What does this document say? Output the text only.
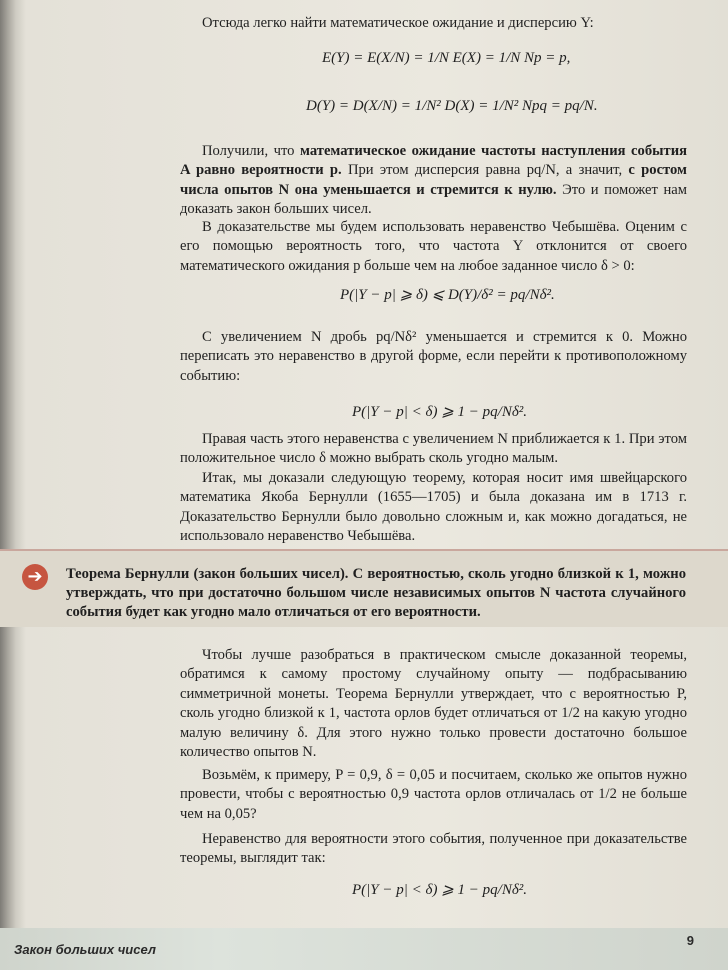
Отсюда легко найти математическое ожидание и дисперсию Y:
E(Y) = E(X/N) = 1/N E(X) = 1/N Np = p,
D(Y) = D(X/N) = 1/N² D(X) = 1/N² Npq = pq/N.
Получили, что математическое ожидание частоты наступления события A равно вероятности p. При этом дисперсия равна pq/N, а значит, с ростом числа опытов N она уменьшается и стремится к нулю. Это и поможет нам доказать закон больших чисел.
В доказательстве мы будем использовать неравенство Чебышёва. Оценим с его помощью вероятность того, что частота Y отклонится от своего математического ожидания p больше чем на любое заданное число δ > 0:
P(|Y − p| ⩾ δ) ⩽ D(Y)/δ² = pq/Nδ².
С увеличением N дробь pq/Nδ² уменьшается и стремится к 0. Можно переписать это неравенство в другой форме, если перейти к противоположному событию:
P(|Y − p| < δ) ⩾ 1 − pq/Nδ².
Правая часть этого неравенства с увеличением N приближается к 1. При этом положительное число δ можно выбрать сколь угодно малым.
Итак, мы доказали следующую теорему, которая носит имя швейцарского математика Якоба Бернулли (1655—1705) и была доказана им в 1713 г. Доказательство Бернулли было довольно сложным и, как можно догадаться, не использовало неравенство Чебышёва.
➔	Теорема Бернулли (закон больших чисел). С вероятностью, сколь угодно близкой к 1, можно утверждать, что при достаточно большом числе независимых опытов N частота случайного события будет как угодно мало отличаться от его вероятности.
Чтобы лучше разобраться в практическом смысле доказанной теоремы, обратимся к самому простому случайному опыту — подбрасыванию симметричной монеты. Теорема Бернулли утверждает, что с вероятностью P, сколь угодно близкой к 1, частота орлов будет отличаться от 1/2 на какую угодно малую величину δ. Для этого нужно только провести достаточно большое количество опытов N.
Возьмём, к примеру, P = 0,9, δ = 0,05 и посчитаем, сколько же опытов нужно провести, чтобы с вероятностью 0,9 частота орлов отличалась от 1/2 не больше чем на 0,05?
Неравенство для вероятности этого события, полученное при доказательстве теоремы, выглядит так:
P(|Y − p| < δ) ⩾ 1 − pq/Nδ².
Закон больших чисел
9
